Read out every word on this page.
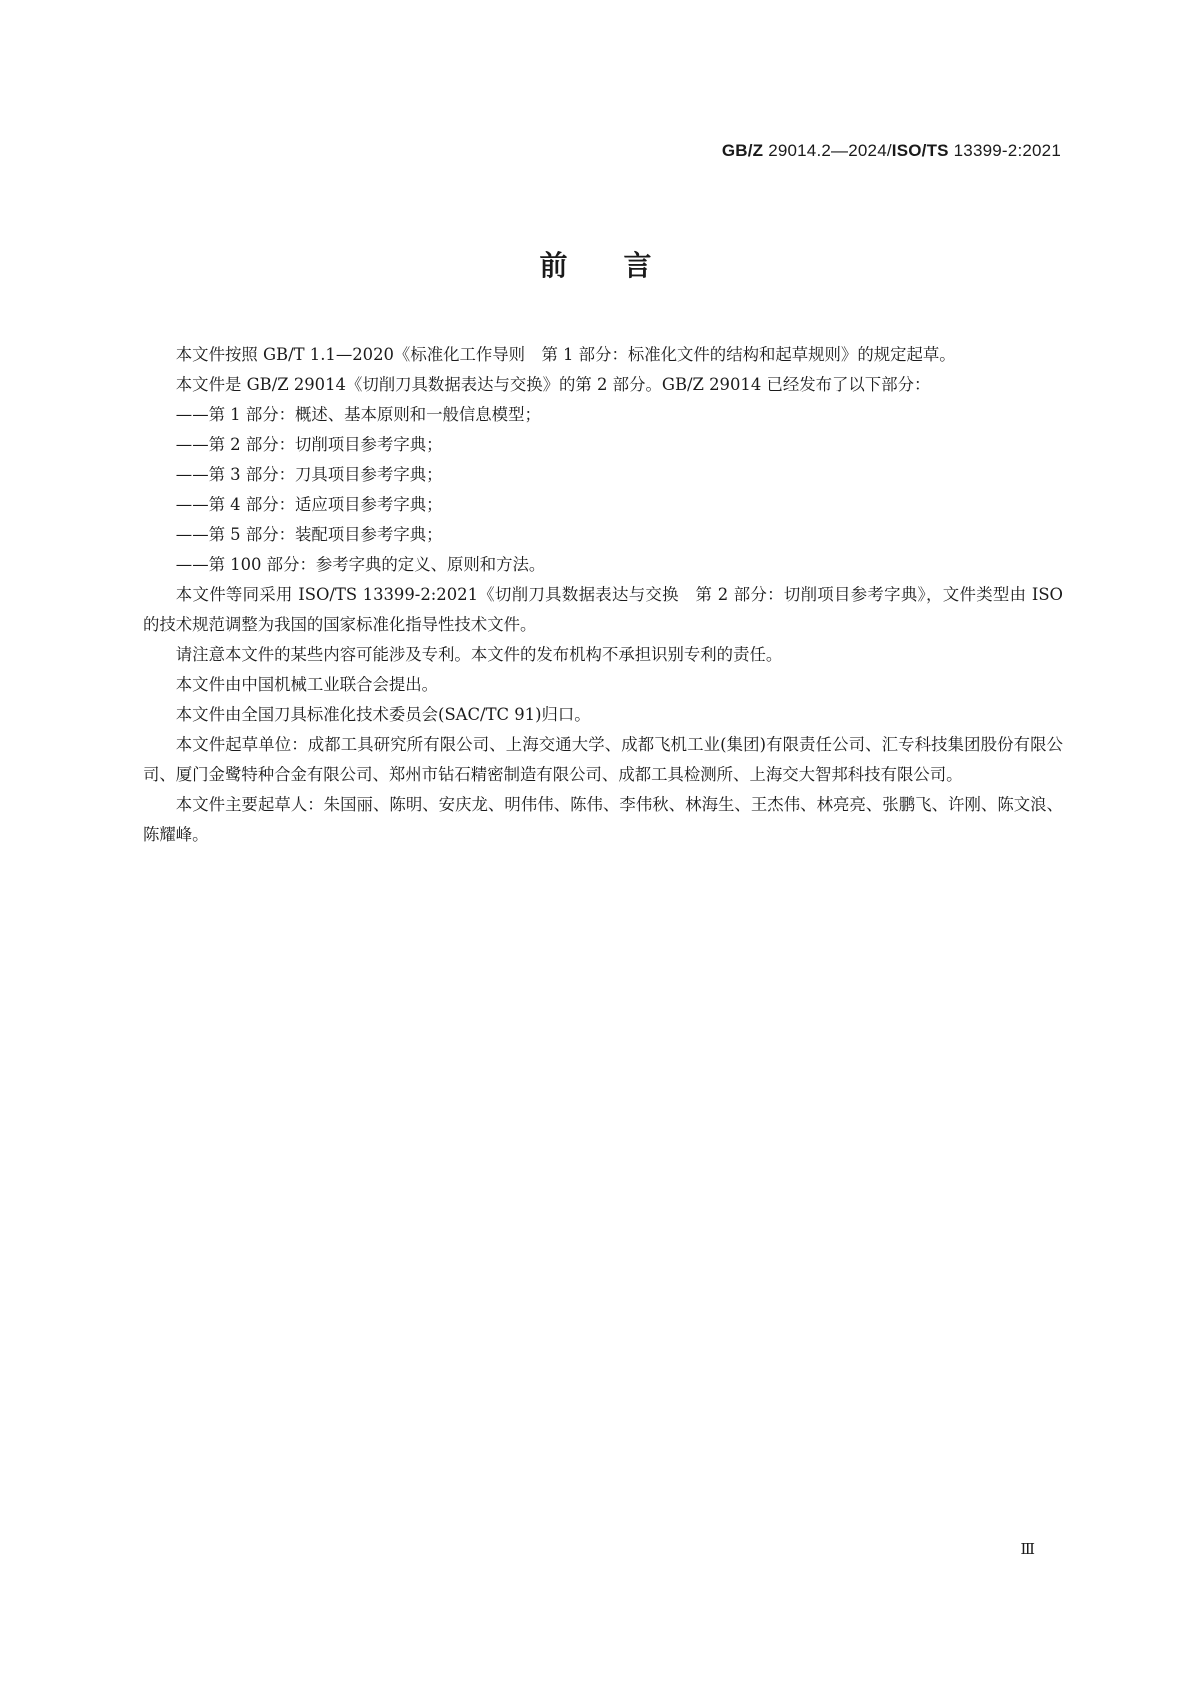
GB/Z 29014.2—2024/ISO/TS 13399-2:2021
前言

本文件按照 GB/T 1.1—2020《标准化工作导则　第 1 部分：标准化文件的结构和起草规则》的规定起草。

本文件是 GB/Z 29014《切削刀具数据表达与交换》的第 2 部分。GB/Z 29014 已经发布了以下部分：

——第 1 部分：概述、基本原则和一般信息模型；

——第 2 部分：切削项目参考字典；

——第 3 部分：刀具项目参考字典；

——第 4 部分：适应项目参考字典；

——第 5 部分：装配项目参考字典；

——第 100 部分：参考字典的定义、原则和方法。

本文件等同采用 ISO/TS 13399-2:2021《切削刀具数据表达与交换　第 2 部分：切削项目参考字典》，文件类型由 ISO 的技术规范调整为我国的国家标准化指导性技术文件。

请注意本文件的某些内容可能涉及专利。本文件的发布机构不承担识别专利的责任。

本文件由中国机械工业联合会提出。

本文件由全国刀具标准化技术委员会(SAC/TC 91)归口。

本文件起草单位：成都工具研究所有限公司、上海交通大学、成都飞机工业(集团)有限责任公司、汇专科技集团股份有限公司、厦门金鹭特种合金有限公司、郑州市钻石精密制造有限公司、成都工具检测所、上海交大智邦科技有限公司。

本文件主要起草人：朱国丽、陈明、安庆龙、明伟伟、陈伟、李伟秋、林海生、王杰伟、林亮亮、张鹏飞、许刚、陈文浪、陈耀峰。

Ⅲ
